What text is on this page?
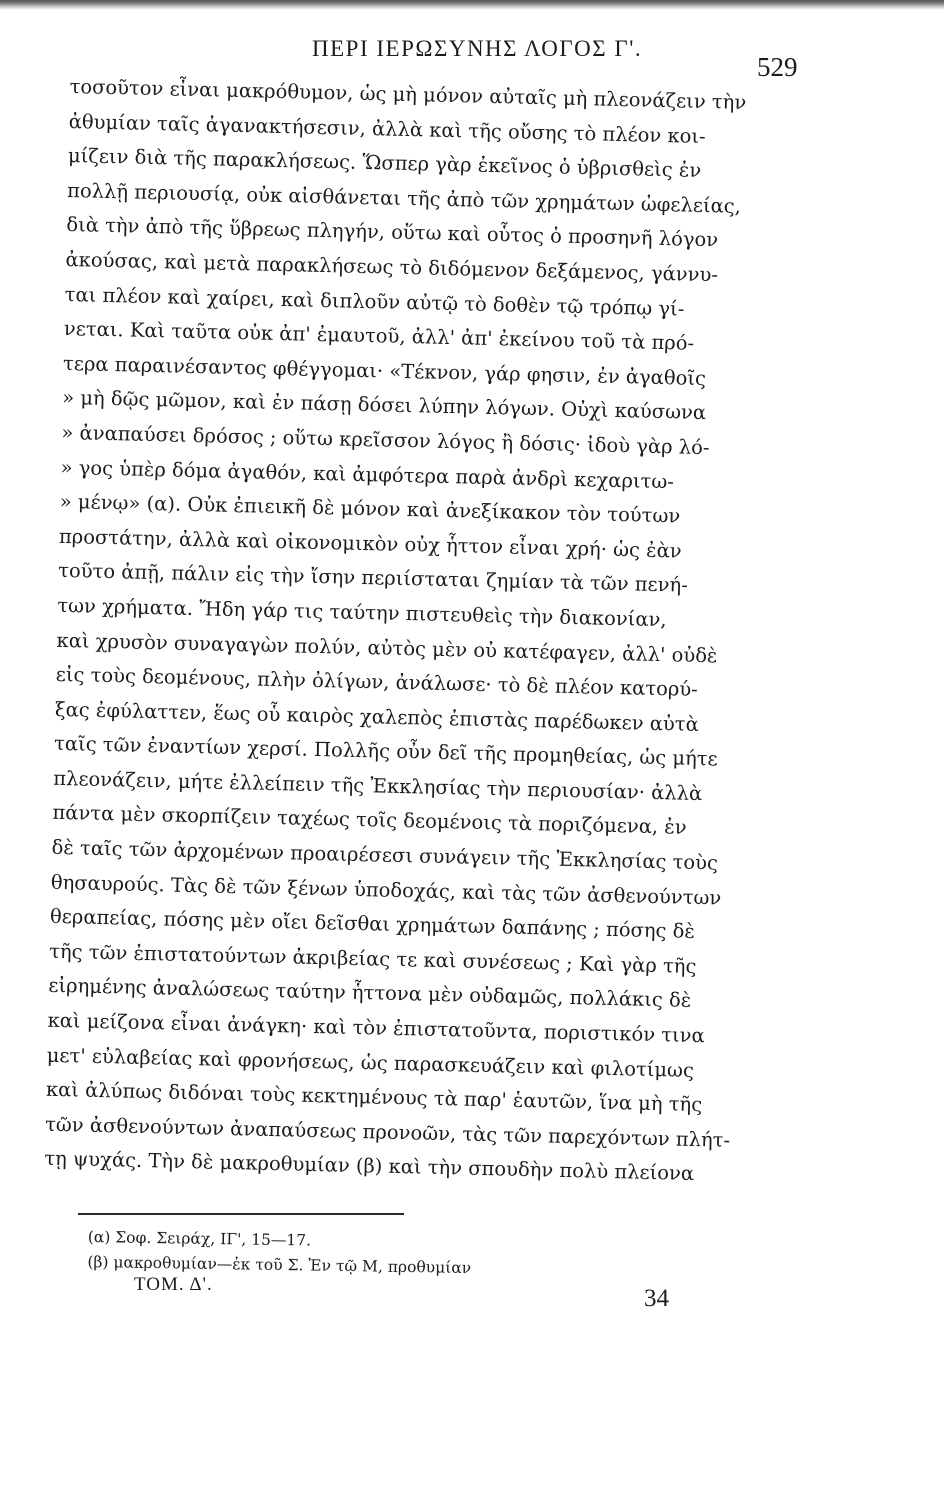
ΠΕΡΙ ΙΕΡΩΣΥΝΗΣ ΛΟΓΟΣ Γ'.
529
τοσοῦτον εἶναι μακρόθυμον, ὡς μὴ μόνον αὐταῖς μὴ πλεονάζειν τὴν
ἀθυμίαν ταῖς ἀγανακτήσεσιν, ἀλλὰ καὶ τῆς οὔσης τὸ πλέον κοι-
μίζειν διὰ τῆς παρακλήσεως. Ὥσπερ γὰρ ἐκεῖνος ὁ ὑβρισθεὶς ἐν
πολλῇ περιουσίᾳ, οὐκ αἰσθάνεται τῆς ἀπὸ τῶν χρημάτων ὠφελείας,
διὰ τὴν ἀπὸ τῆς ὕβρεως πληγήν, οὕτω καὶ οὗτος ὁ προσηνῆ λόγον
ἀκούσας, καὶ μετὰ παρακλήσεως τὸ διδόμενον δεξάμενος, γάννυ-
ται πλέον καὶ χαίρει, καὶ διπλοῦν αὐτῷ τὸ δοθὲν τῷ τρόπῳ γί-
νεται. Καὶ ταῦτα οὐκ ἀπ' ἐμαυτοῦ, ἀλλ' ἀπ' ἐκείνου τοῦ τὰ πρό-
τερα παραινέσαντος φθέγγομαι· «Τέκνον, γάρ φησιν, ἐν ἀγαθοῖς
» μὴ δῷς μῶμον, καὶ ἐν πάσῃ δόσει λύπην λόγων. Οὐχὶ καύσωνα
» ἀναπαύσει δρόσος ; οὕτω κρεῖσσον λόγος ἢ δόσις· ἰδοὺ γὰρ λό-
» γος ὑπὲρ δόμα ἀγαθόν, καὶ ἀμφότερα παρὰ ἀνδρὶ κεχαριτω-
» μένῳ» (α). Οὐκ ἐπιεικῆ δὲ μόνον καὶ ἀνεξίκακον τὸν τούτων
προστάτην, ἀλλὰ καὶ οἰκονομικὸν οὐχ ἧττον εἶναι χρή· ὡς ἐὰν
τοῦτο ἀπῇ, πάλιν εἰς τὴν ἴσην περιίσταται ζημίαν τὰ τῶν πενή-
των χρήματα. Ἤδη γάρ τις ταύτην πιστευθεὶς τὴν διακονίαν,
καὶ χρυσὸν συναγαγὼν πολύν, αὐτὸς μὲν οὐ κατέφαγεν, ἀλλ' οὐδὲ
εἰς τοὺς δεομένους, πλὴν ὀλίγων, ἀνάλωσε· τὸ δὲ πλέον κατορύ-
ξας ἐφύλαττεν, ἕως οὗ καιρὸς χαλεπὸς ἐπιστὰς παρέδωκεν αὐτὰ
ταῖς τῶν ἐναντίων χερσί. Πολλῆς οὖν δεῖ τῆς προμηθείας, ὡς μήτε
πλεονάζειν, μήτε ἐλλείπειν τῆς Ἐκκλησίας τὴν περιουσίαν· ἀλλὰ
πάντα μὲν σκορπίζειν ταχέως τοῖς δεομένοις τὰ ποριζόμενα, ἐν
δὲ ταῖς τῶν ἀρχομένων προαιρέσεσι συνάγειν τῆς Ἐκκλησίας τοὺς
θησαυρούς. Τὰς δὲ τῶν ξένων ὑποδοχάς, καὶ τὰς τῶν ἀσθενούντων
θεραπείας, πόσης μὲν οἴει δεῖσθαι χρημάτων δαπάνης ; πόσης δὲ
τῆς τῶν ἐπιστατούντων ἀκριβείας τε καὶ συνέσεως ; Καὶ γὰρ τῆς
εἰρημένης ἀναλώσεως ταύτην ἧττονα μὲν οὐδαμῶς, πολλάκις δὲ
καὶ μείζονα εἶναι ἀνάγκη· καὶ τὸν ἐπιστατοῦντα, ποριστικόν τινα
μετ' εὐλαβείας καὶ φρονήσεως, ὡς παρασκευάζειν καὶ φιλοτίμως
καὶ ἀλύπως διδόναι τοὺς κεκτημένους τὰ παρ' ἑαυτῶν, ἵνα μὴ τῆς
τῶν ἀσθενούντων ἀναπαύσεως προνοῶν, τὰς τῶν παρεχόντων πλήτ-
τῃ ψυχάς. Τὴν δὲ μακροθυμίαν (β) καὶ τὴν σπουδὴν πολὺ πλείονα
(α) Σοφ. Σειράχ, ΙΓ', 15—17.
(β) μακροθυμίαν—ἐκ τοῦ Σ. Ἐν τῷ Μ, προθυμίαν
ΤΟΜ. Δ'.
34
